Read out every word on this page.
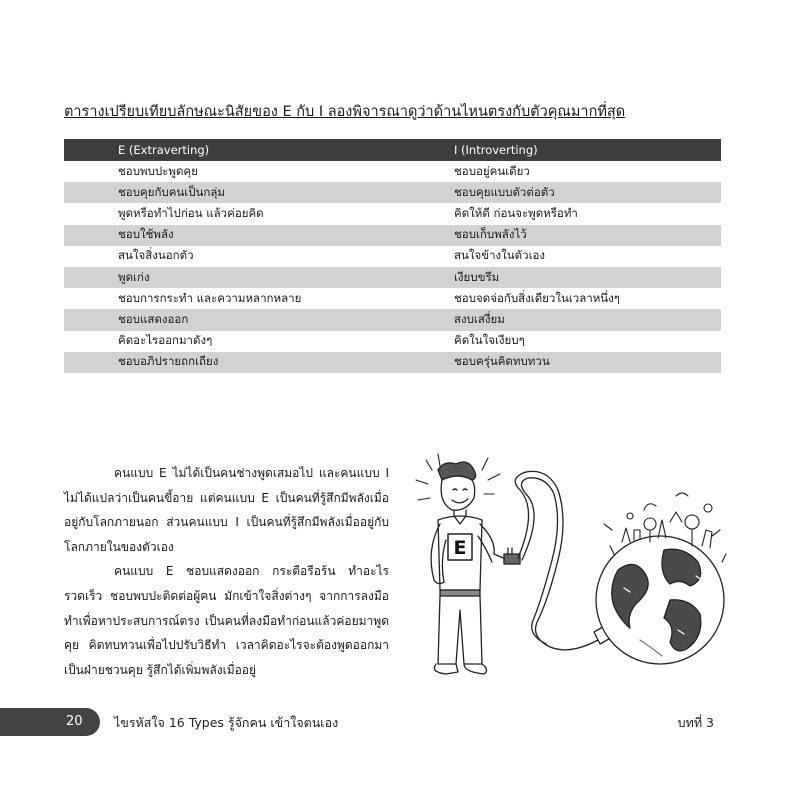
ตารางเปรียบเทียบลักษณะนิสัยของ E กับ I ลองพิจารณาดูว่าด้านไหนตรงกับตัวคุณมากที่สุด
E (Extraverting)	I (Introverting)
ชอบพบปะพูดคุย	ชอบอยู่คนเดียว
ชอบคุยกับคนเป็นกลุ่ม	ชอบคุยแบบตัวต่อตัว
พูดหรือทำไปก่อน แล้วค่อยคิด	คิดให้ดี ก่อนจะพูดหรือทำ
ชอบใช้พลัง	ชอบเก็บพลังไว้
สนใจสิ่งนอกตัว	สนใจข้างในตัวเอง
พูดเก่ง	เงียบขรึม
ชอบการกระทำ และความหลากหลาย	ชอบจดจ่อกับสิ่งเดียวในเวลาหนึ่งๆ
ชอบแสดงออก	สงบเสงี่ยม
คิดอะไรออกมาดังๆ	คิดในใจเงียบๆ
ชอบอภิปรายถกเถียง	ชอบครุ่นคิดทบทวน

คนแบบ E ไม่ได้เป็นคนช่างพูดเสมอไป และคนแบบ I ไม่ได้แปลว่าเป็นคนขี้อาย แต่คนแบบ E เป็นคนที่รู้สึกมีพลังเมื่ออยู่กับโลกภายนอก ส่วนคนแบบ I เป็นคนที่รู้สึกมีพลังเมื่ออยู่กับโลกภายในของตัวเอง

คนแบบ E ชอบแสดงออก กระตือรือร้น ทำอะไรรวดเร็ว ชอบพบปะติดต่อผู้คน มักเข้าใจสิ่งต่างๆ จากการลงมือทำเพื่อหาประสบการณ์ตรง เป็นคนที่ลงมือทำก่อนแล้วค่อยมาพูดคุย คิดทบทวนเพื่อไปปรับวิธีทำ เวลาคิดอะไรจะต้องพูดออกมา เป็นฝ่ายชวนคุย รู้สึกได้เพิ่มพลังเมื่ออยู่

E
20	ไขรหัสใจ 16 Types รู้จักคน เข้าใจตนเอง	บทที่ 3
